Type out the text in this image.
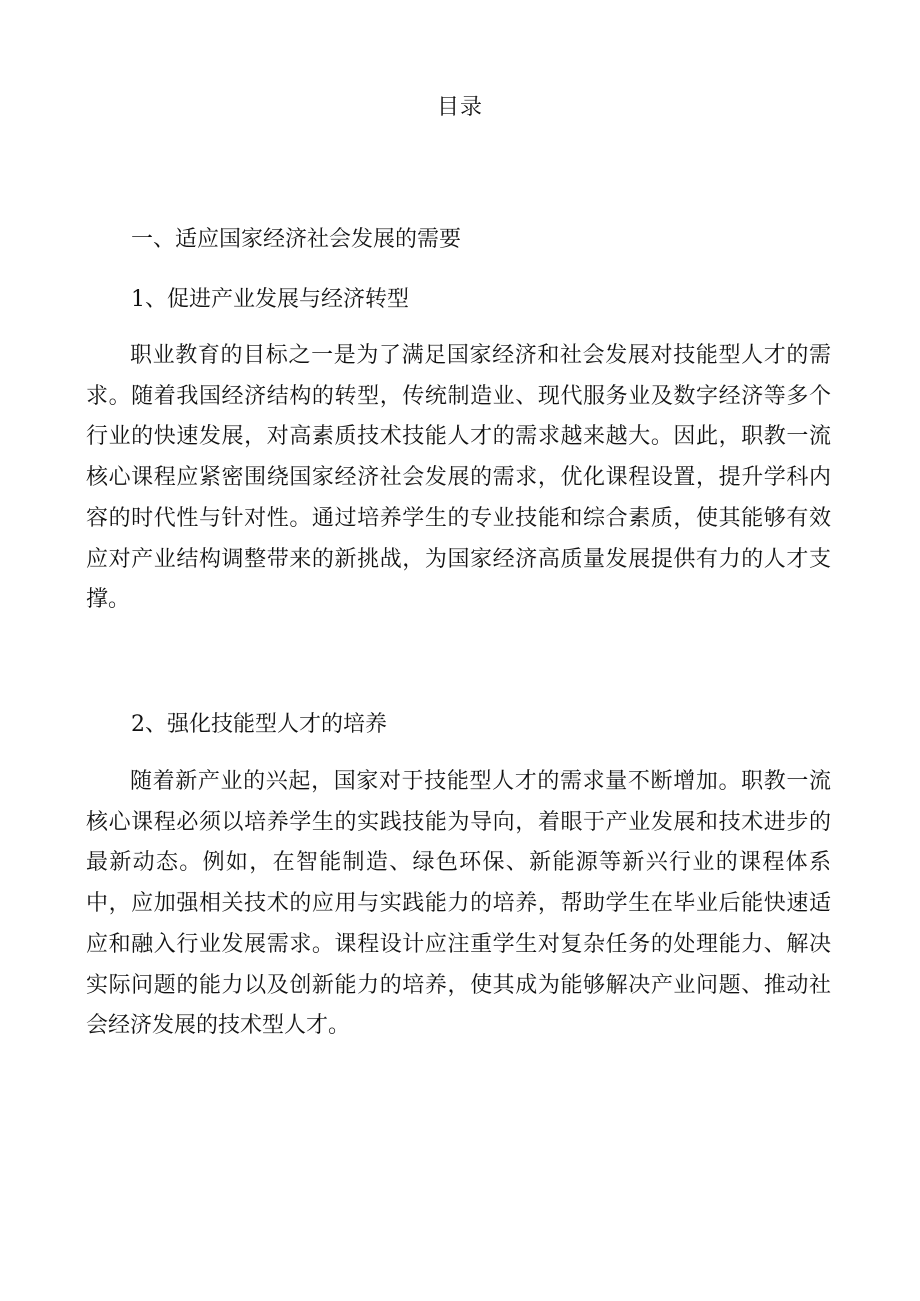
目录
一、适应国家经济社会发展的需要
1、促进产业发展与经济转型

职业教育的目标之一是为了满足国家经济和社会发展对技能型人才的需求。随着我国经济结构的转型，传统制造业、现代服务业及数字经济等多个行业的快速发展，对高素质技术技能人才的需求越来越大。因此，职教一流核心课程应紧密围绕国家经济社会发展的需求，优化课程设置，提升学科内容的时代性与针对性。通过培养学生的专业技能和综合素质，使其能够有效应对产业结构调整带来的新挑战，为国家经济高质量发展提供有力的人才支撑。

2、强化技能型人才的培养

随着新产业的兴起，国家对于技能型人才的需求量不断增加。职教一流核心课程必须以培养学生的实践技能为导向，着眼于产业发展和技术进步的最新动态。例如，在智能制造、绿色环保、新能源等新兴行业的课程体系中，应加强相关技术的应用与实践能力的培养，帮助学生在毕业后能快速适应和融入行业发展需求。课程设计应注重学生对复杂任务的处理能力、解决实际问题的能力以及创新能力的培养，使其成为能够解决产业问题、推动社会经济发展的技术型人才。
